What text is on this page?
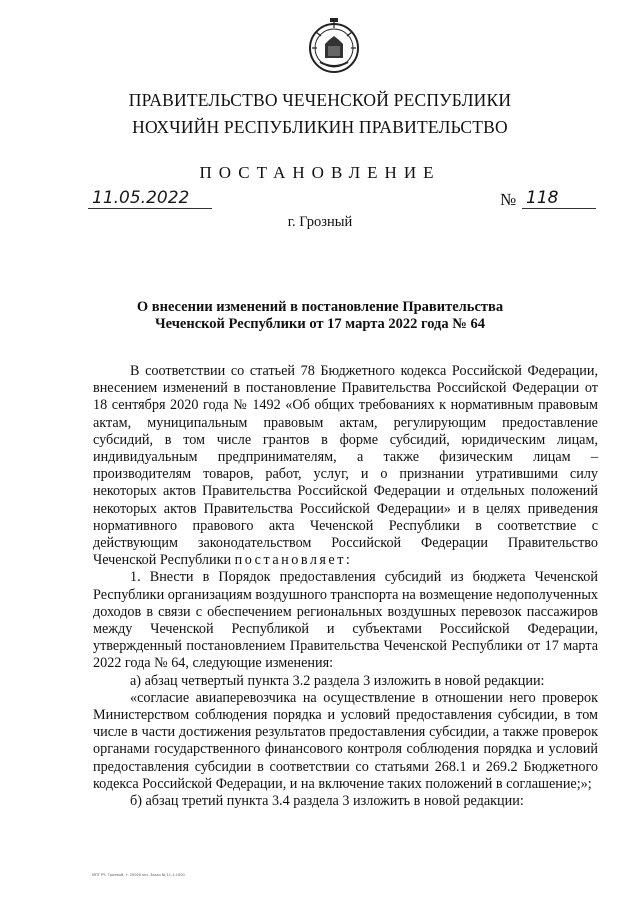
ПРАВИТЕЛЬСТВО ЧЕЧЕНСКОЙ РЕСПУБЛИКИ
НОХЧИЙН РЕСПУБЛИКИН ПРАВИТЕЛЬСТВО
ПОСТАНОВЛЕНИЕ
11.05.2022	№ 118
г. Грозный
О внесении изменений в постановление Правительства
Чеченской Республики от 17 марта 2022 года № 64

В соответствии со статьей 78 Бюджетного кодекса Российской Федерации, внесением изменений в постановление Правительства Российской Федерации от 18 сентября 2020 года № 1492 «Об общих требованиях к нормативным правовым актам, муниципальным правовым актам, регулирующим предоставление субсидий, в том числе грантов в форме субсидий, юридическим лицам, индивидуальным предпринимателям, а также физическим лицам – производителям товаров, работ, услуг, и о признании утратившими силу некоторых актов Правительства Российской Федерации и отдельных положений некоторых актов Правительства Российской Федерации» и в целях приведения нормативного правового акта Чеченской Республики в соответствие с действующим законодательством Российской Федерации Правительство Чеченской Республики постановляет:

1. Внести в Порядок предоставления субсидий из бюджета Чеченской Республики организациям воздушного транспорта на возмещение недополученных доходов в связи с обеспечением региональных воздушных перевозок пассажиров между Чеченской Республикой и субъектами Российской Федерации, утвержденный постановлением Правительства Чеченской Республики от 17 марта 2022 года № 64, следующие изменения:

а) абзац четвертый пункта 3.2 раздела 3 изложить в новой редакции:

«согласие авиаперевозчика на осуществление в отношении него проверок Министерством соблюдения порядка и условий предоставления субсидии, в том числе в части достижения результатов предоставления субсидии, а также проверок органами государственного финансового контроля соблюдения порядка и условий предоставления субсидии в соответствии со статьями 268.1 и 269.2 Бюджетного кодекса Российской Федерации, и на включение таких положений в соглашение;»;

б) абзац третий пункта 3.4 раздела 3 изложить в новой редакции:

МПТ РЧ. Грозный, т. 20000 экз. Заказ № 11-1-1000
